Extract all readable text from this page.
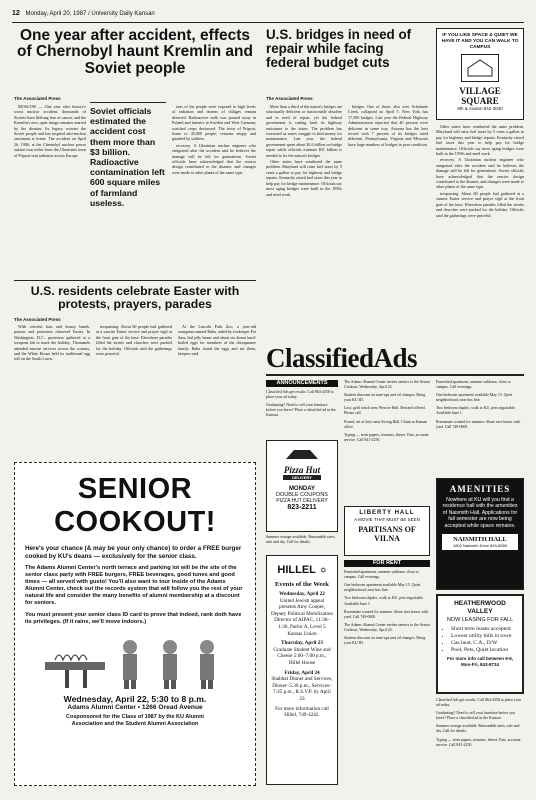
12 Monday, April 20, 1987 / University Daily Kansan
One year after accident, effects of Chernobyl haunt Kremlin and Soviet people
The Associated Press

MOSCOW — One year after history's worst nuclear accident, thousands of Soviets have lifelong fear of cancer, and the Kremlin's new open image remains marred by the disaster. Its legacy worries the Soviet people and has inspired anti-nuclear sentiment at home. The accident on April 26, 1986, at the Chernobyl nuclear power station four miles from the Ukrainian town of Pripyat sent radiation across Europe.

Soviet officials estimated the accident cost them more than $3 billion. Radioactive contamination left 600 square miles of farmland useless.

tons of the people were exposed to high levels of radiation and dozens of villages remain deserted. Radioactive milk was poured away in Poland and farmers in Sweden and West Germany watched crops destroyed. The town of Pripyat, home to 45,000 people, remains empty and guarded by soldiers.

recovery. A Ukrainian nuclear engineer who emigrated after the accident said he believes the damage will be felt for generations. Soviet officials have acknowledged that the reactor design contributed to the disaster, and changes were made to other plants of the same type.

U.S. residents celebrate Easter with protests, prayers, parades
The Associated Press

With colorful hats and brassy bands, pastors and protesters observed Easter. In Washington, D.C., protesters gathered at a weapons lab to mark the holiday. Thousands attended sunrise services across the country, and the White House held its traditional egg roll on the South Lawn.

trespassing. About 60 people had gathered at a sunrise Easter service and prayer vigil at the front gate of the base. Elsewhere parades filled the streets and churches were packed for the holiday. Officials said the gatherings were peaceful.

At the Lincoln Park Zoo, a year-old orangutan named Baba, aided by zookeeper Pat Sass, hid jelly beans and about six dozen hard-boiled eggs for members of the chimpanzee family. Baba found the eggs and ate them, keepers said.

SENIOR COOKOUT!
Here's your chance (& may be your only chance) to order a FREE burger cooked by KU's deans — exclusively for the senior class.
The Adams Alumni Center's north terrace and parking lot will be the site of the senior class party with FREE burgers, FREE beverages, good tunes and good times — all served with gusto! You'll also want to tour inside of the Adams Alumni Center, check out the records system that will follow you the rest of your natural life and consider the many benefits of alumni membership at a discount for seniors.
You must present your senior class ID card to prove that indeed, rank doth have its privileges. (If it rains, we'll move indoors.)
Wednesday, April 22, 5:30 to 8 p.m.
Adams Alumni Center • 1266 Oread Avenue
Cosponsored for the Class of 1987 by the KU Alumni Association and the Student Alumni Association
U.S. bridges in need of repair while facing federal budget cuts
The Associated Press

More than a third of the nation's bridges are structurally deficient or functionally obsolete and in need of repair, yet the federal government is cutting back its highway assistance to the states. The problem has worsened as states struggle to find money for maintenance. Last year, the federal government spent about $1.6 billion on bridge repair while officials estimate $51 billion is needed to fix the nation's bridges.

Other states have weathered the same problem. Maryland will raise fuel taxes by 5 cents a gallon to pay for highway and bridge repairs. Kentucky raised fuel taxes this year to help pay for bridge maintenance. Officials say most aging bridges were built in the 1950s and need work.

bridges. One of those, also over Schoharie Creek, collapsed on April 5. New York has 17,500 bridges. Last year the Federal Highway Administration reported that 40 percent were deficient in some way. Arizona has the best record with 7 percent of its bridges rated deficient. Pennsylvania, Virginia and Missouri have large numbers of bridges in poor condition.

IF YOU LIKE SPACE & QUIET WE HAVE IT AND YOU CAN WALK TO CAMPUS
VILLAGE SQUARE
9th & Avalon 842-3040

Other states have weathered the same problem. Maryland will raise fuel taxes by 5 cents a gallon to pay for highway and bridge repairs. Kentucky raised fuel taxes this year to help pay for bridge maintenance. Officials say most aging bridges were built in the 1950s and need work.

recovery. A Ukrainian nuclear engineer who emigrated after the accident said he believes the damage will be felt for generations. Soviet officials have acknowledged that the reactor design contributed to the disaster, and changes were made to other plants of the same type.

trespassing. About 60 people had gathered at a sunrise Easter service and prayer vigil at the front gate of the base. Elsewhere parades filled the streets and churches were packed for the holiday. Officials said the gatherings were peaceful.

ClassifiedAds
ANNOUNCEMENTS

Classified Ads get results. Call 864-4358 to place your ad today.

Graduating? Need to sell your furniture before you leave? Place a classified ad in the Kansan.

Pizza Hut
DELIVERY
MONDAY
DOUBLE COUPONS
PIZZA HUT DELIVERY
823-2211

Summer storage available. Reasonable rates, safe and dry. Call for details.

HILLEL ✡
Events of the Week
Wednesday, April 22
United Jewish appeal presents Amy Cooper, Deputy Political Mobilization Director of AIPAC, 11:30–1:30, Parlor A, Level 5 Kansas Union
Thursday, April 23
Graduate Student Wine and Cheese 5:00–7:00 p.m., Hillel House
Friday, April 24
Shabbat Dinner and Services, Dinner–5:30 p.m., Services–7:45 p.m., R.S.V.P. by April 23
For more information call Hillel, 749-4242.

The Adams Alumni Center invites seniors to the Senior Cookout, Wednesday, April 22.

Student discount on tune-ups and oil changes. Bring your KU ID.

Lost: gold watch near Wescoe Hall. Reward offered. Please call.

Found: set of keys near Strong Hall. Claim at Kansan office.

Typing — term papers, resumes, theses. Fast, accurate service. Call 841-2250.

LIBERTY HALL
A MOVIE THAT MUST BE SEEN
PARTISANS OF VILNA
FOR RENT

Furnished apartment, summer sublease, close to campus. Call evenings.

One bedroom apartment available May 15. Quiet neighborhood, near bus line.

Two bedroom duplex, walk to KU, pets negotiable. Available June 1.

Roommate wanted for summer. Share nice house with yard. Call 749-0000.

The Adams Alumni Center invites seniors to the Senior Cookout, Wednesday, April 22.

Student discount on tune-ups and oil changes. Bring your KU ID.

Furnished apartment, summer sublease, close to campus. Call evenings.

One bedroom apartment available May 15. Quiet neighborhood, near bus line.

Two bedroom duplex, walk to KU, pets negotiable. Available June 1.

Roommate wanted for summer. Share nice house with yard. Call 749-0000.

AMENITIES
Nowhere at KU will you find a residence hall with the amenities of Naismith Hall. Applications for fall semester are now being accepted while space remains.
NAISMITH HALL
1800 Naismith Drive 843-8559
HEATHERWOOD VALLEY
NOW LEASING FOR FALL
• Short term leases accepted
• Lowest utility bills in town
• Gas heat, C.A., D/W
• Pool, Pets, Quiet location
For more info call between 9-6, Mon-Fri, 843-8734

Classified Ads get results. Call 864-4358 to place your ad today.

Graduating? Need to sell your furniture before you leave? Place a classified ad in the Kansan.

Summer storage available. Reasonable rates, safe and dry. Call for details.

Typing — term papers, resumes, theses. Fast, accurate service. Call 841-2250.
